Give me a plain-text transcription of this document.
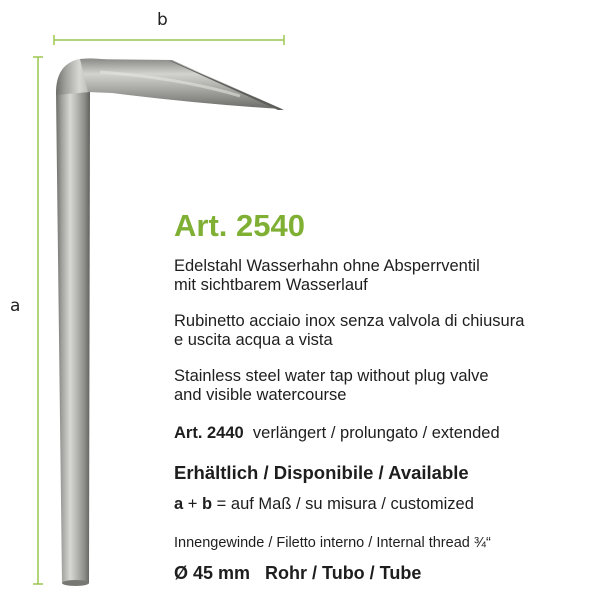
b
a
Art. 2540
Edelstahl Wasserhahn ohne Absperrventil
mit sichtbarem Wasserlauf
Rubinetto acciaio inox senza valvola di chiusura
e uscita acqua a vista
Stainless steel water tap without plug valve
and visible watercourse
Art. 2440 verlängert / prolungato / extended
Erhältlich / Disponibile / Available
a + b = auf Maß / su misura / customized
Innengewinde / Filetto interno / Internal thread ¾“
Ø 45 mm   Rohr / Tubo / Tube
